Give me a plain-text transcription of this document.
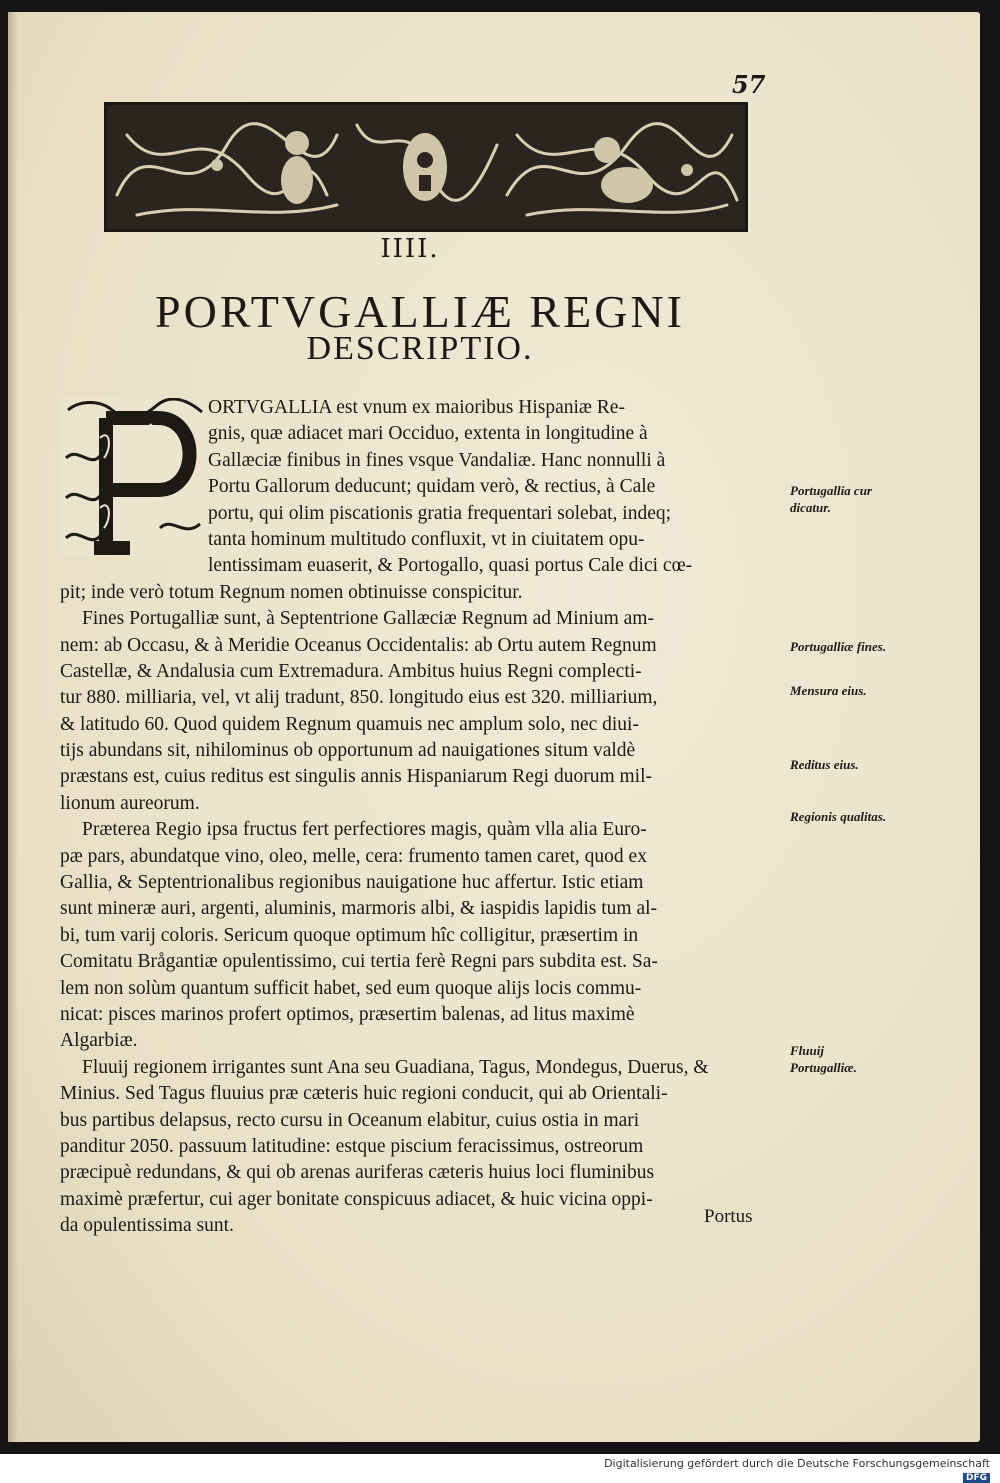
57
IIII.
PORTVGALLIÆ REGNI
DESCRIPTIO.
ORTVGALLIA est vnum ex maioribus Hispaniæ Re-
gnis, quæ adiacet mari Occiduo, extenta in longitudine à
Gallæciæ finibus in fines vsque Vandaliæ. Hanc nonnulli à
Portu Gallorum deducunt; quidam verò, & rectius, à Cale
portu, qui olim piscationis gratia frequentari solebat, indeq;
tanta hominum multitudo confluxit, vt in ciuitatem opu-
lentissimam euaserit, & Portogallo, quasi portus Cale dici cœ-
pit; inde verò totum Regnum nomen obtinuisse conspicitur.
Fines Portugalliæ sunt, à Septentrione Gallæciæ Regnum ad Minium am-
nem: ab Occasu, & à Meridie Oceanus Occidentalis: ab Ortu autem Regnum
Castellæ, & Andalusia cum Extremadura. Ambitus huius Regni complecti-
tur 880. milliaria, vel, vt alij tradunt, 850. longitudo eius est 320. milliarium,
& latitudo 60. Quod quidem Regnum quamuis nec amplum solo, nec diui-
tijs abundans sit, nihilominus ob opportunum ad nauigationes situm valdè
præstans est, cuius reditus est singulis annis Hispaniarum Regi duorum mil-
lionum aureorum.
Præterea Regio ipsa fructus fert perfectiores magis, quàm vlla alia Euro-
pæ pars, abundatque vino, oleo, melle, cera: frumento tamen caret, quod ex
Gallia, & Septentrionalibus regionibus nauigatione huc affertur. Istic etiam
sunt mineræ auri, argenti, aluminis, marmoris albi, & iaspidis lapidis tum al-
bi, tum varij coloris. Sericum quoque optimum hîc colligitur, præsertim in
Comitatu Brågantiæ opulentissimo, cui tertia ferè Regni pars subdita est. Sa-
lem non solùm quantum sufficit habet, sed eum quoque alijs locis commu-
nicat: pisces marinos profert optimos, præsertim balenas, ad litus maximè
Algarbiæ.
Fluuij regionem irrigantes sunt Ana seu Guadiana, Tagus, Mondegus, Duerus, &
Minius. Sed Tagus fluuius præ cæteris huic regioni conducit, qui ab Orientali-
bus partibus delapsus, recto cursu in Oceanum elabitur, cuius ostia in mari
panditur 2050. passuum latitudine: estque piscium feracissimus, ostreorum
præcipuè redundans, & qui ob arenas auriferas cæteris huius loci fluminibus
maximè præfertur, cui ager bonitate conspicuus adiacet, & huic vicina oppi-
da opulentissima sunt.
Portugallia cur dicatur.
Portugalliæ fines.
Mensura eius.
Reditus eius.
Regionis qualitas.
Fluuij Portugalliæ.
Portus
Digitalisierung gefördert durch die Deutsche Forschungsgemeinschaft DFG
